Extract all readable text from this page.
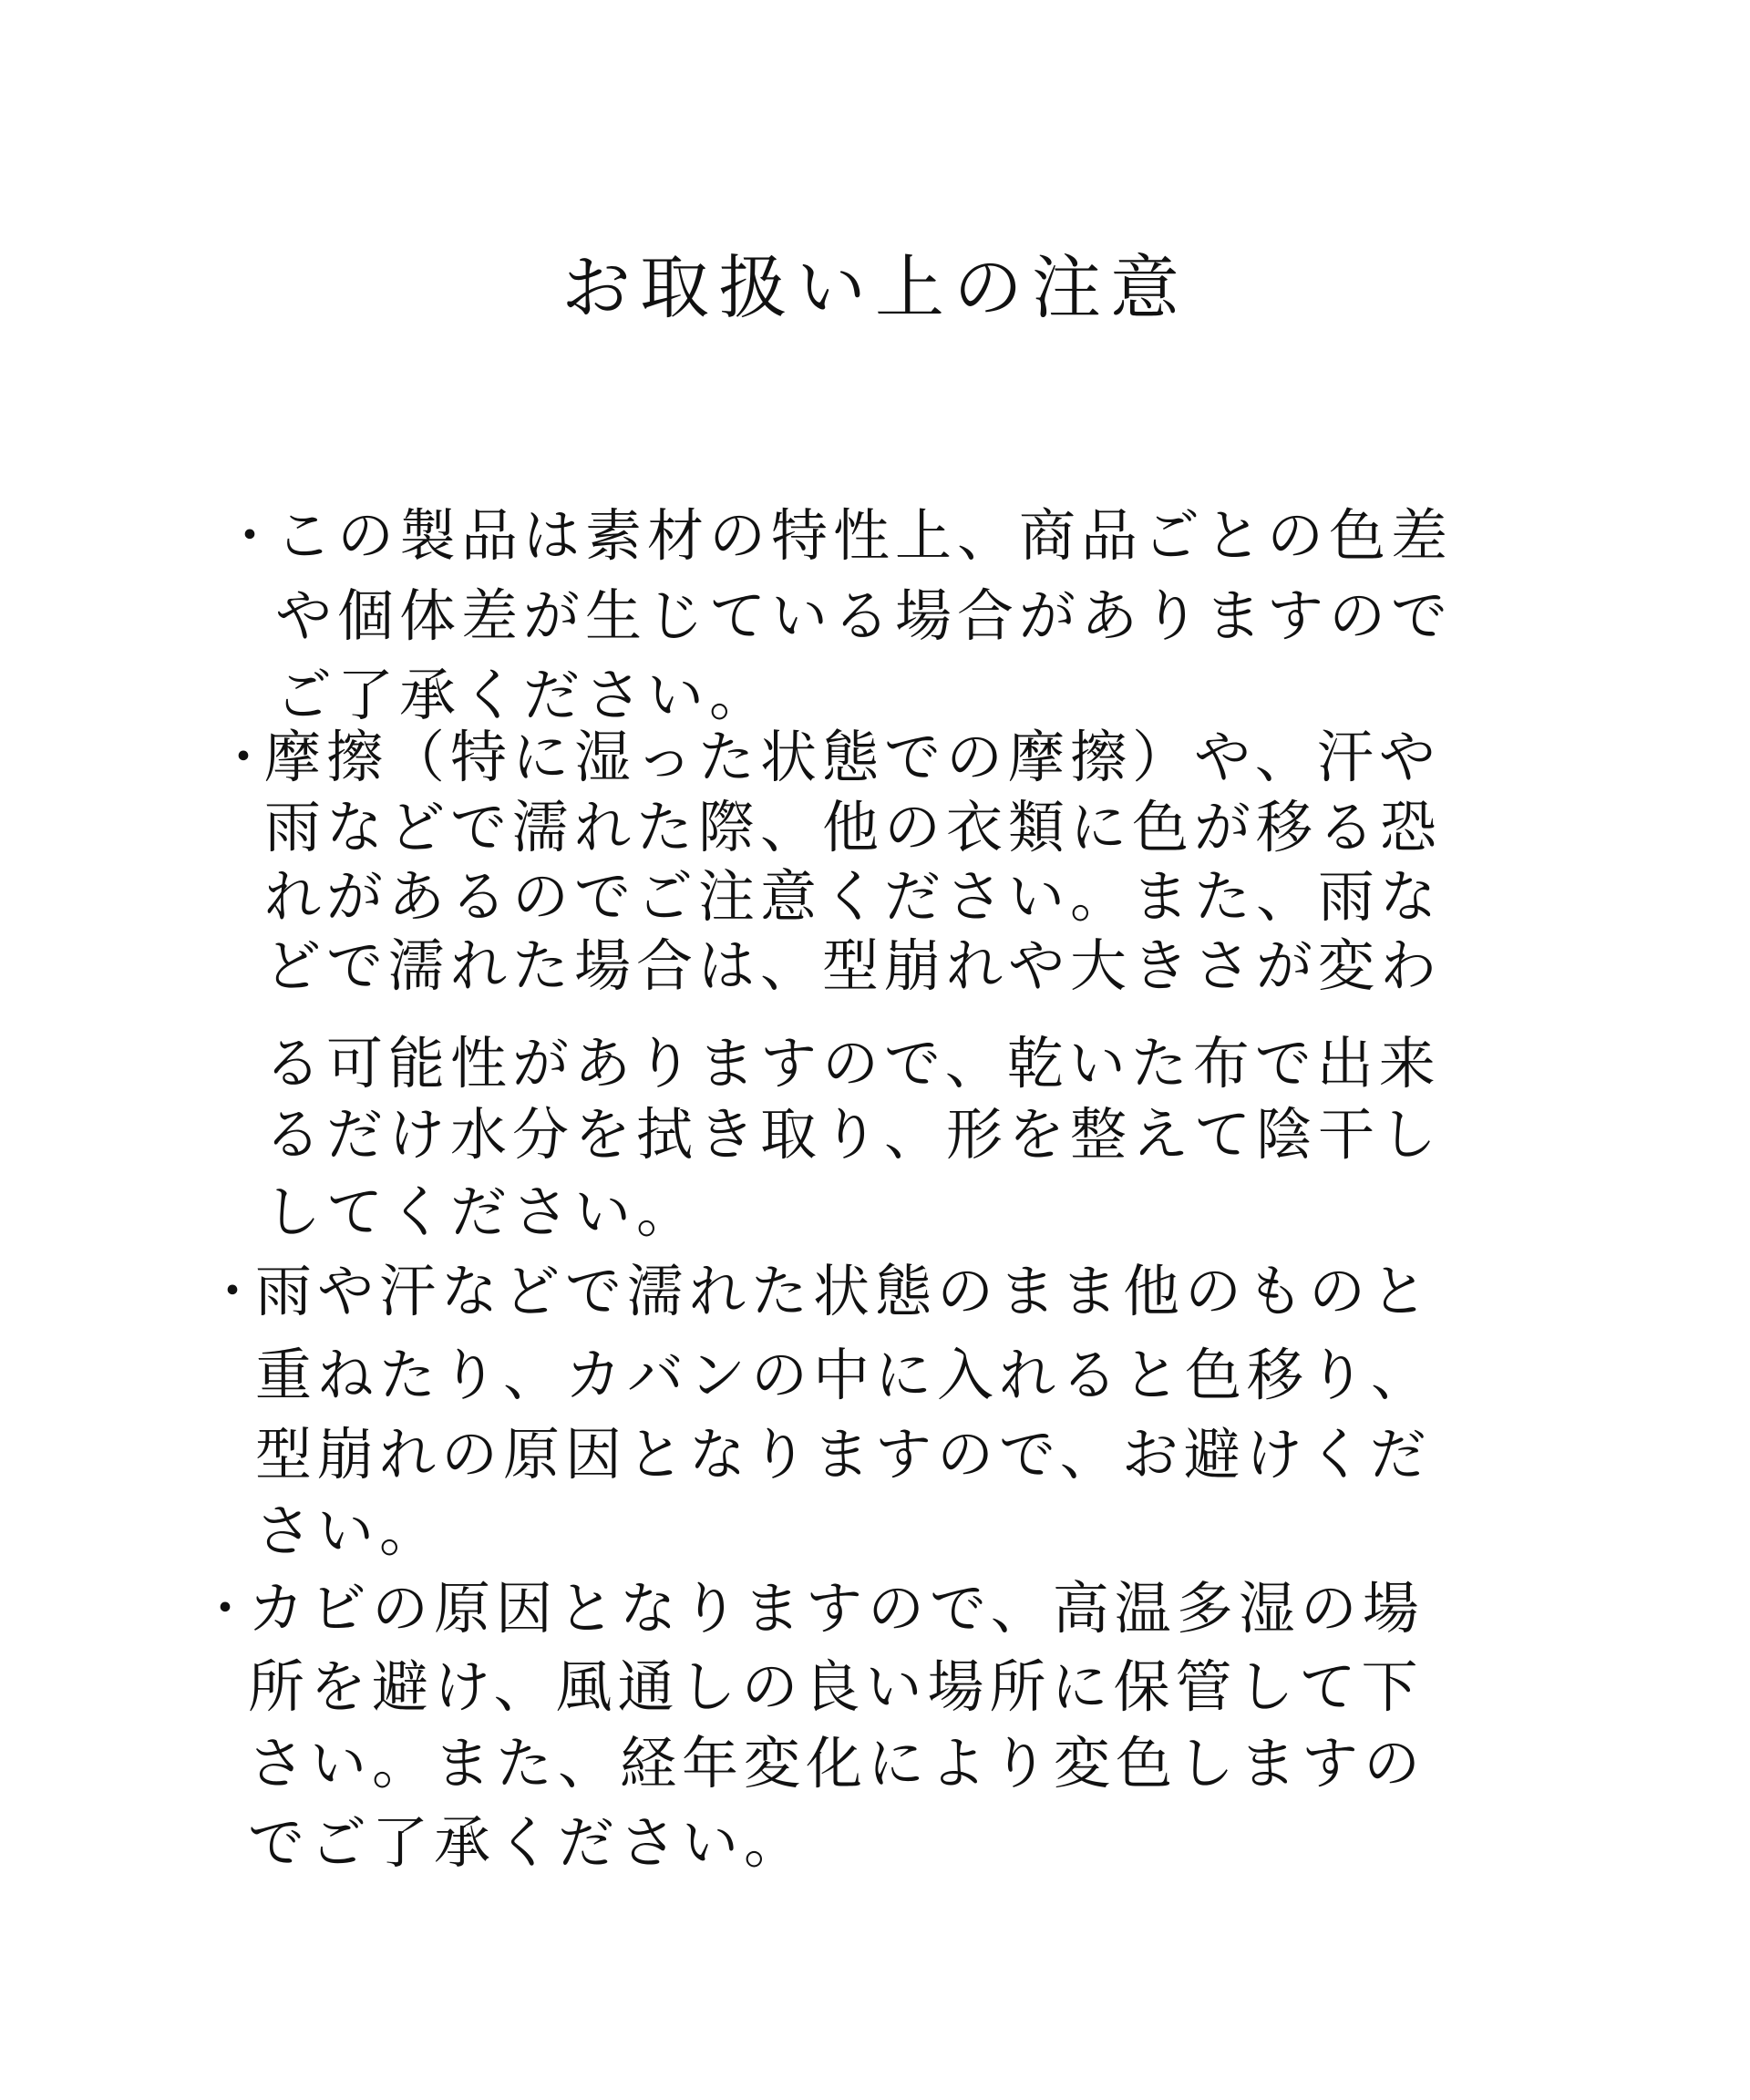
お取扱い上の注意
・
この製品は素材の特性上、商品ごとの色差
や個体差が生じている場合がありますので
ご了承ください。
・
摩擦（特に湿った状態での摩擦）や、汗や
雨などで濡れた際、他の衣類に色が移る恐
れがあるのでご注意ください。また、雨な
どで濡れた場合は、型崩れや大きさが変わ
る可能性がありますので、乾いた布で出来
るだけ水分を拭き取り、形を整えて陰干し
してください。
・
雨や汗などで濡れた状態のまま他のものと
重ねたり、カバンの中に入れると色移り、
型崩れの原因となりますので、お避けくだ
さい。
・
カビの原因となりますので、高温多湿の場
所を避け、風通しの良い場所に保管して下
さい。また、経年変化により変色しますの
でご了承ください。
